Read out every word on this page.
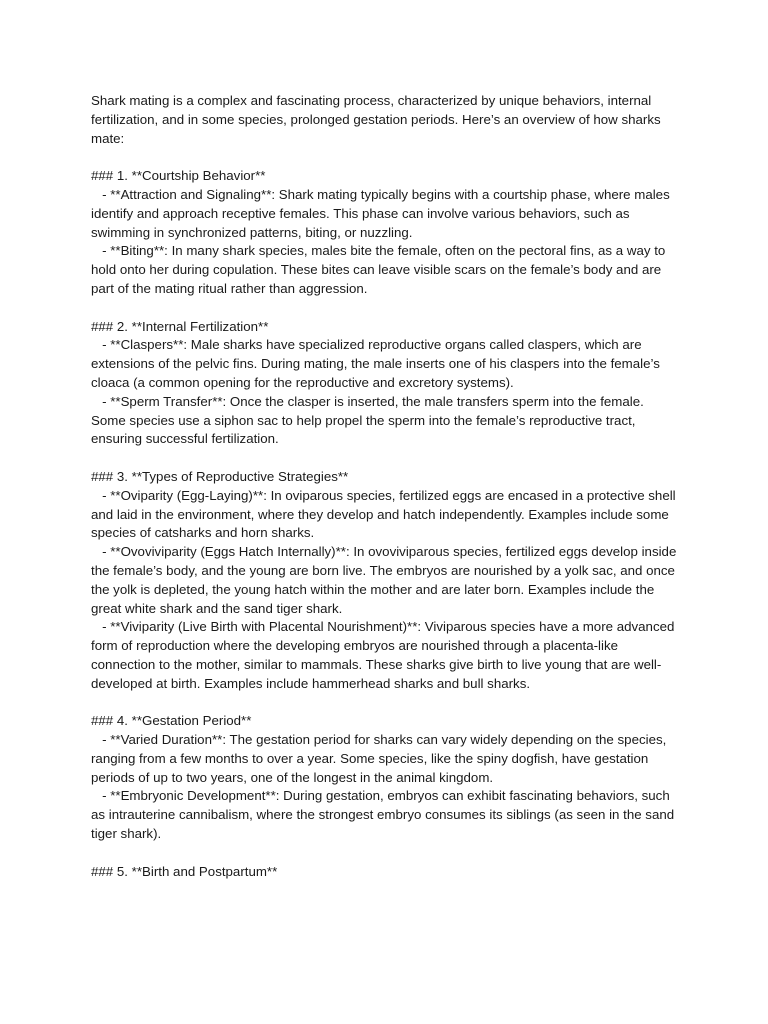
Shark mating is a complex and fascinating process, characterized by unique behaviors, internal fertilization, and in some species, prolonged gestation periods. Here’s an overview of how sharks mate:

### 1. **Courtship Behavior**

- **Attraction and Signaling**: Shark mating typically begins with a courtship phase, where males identify and approach receptive females. This phase can involve various behaviors, such as swimming in synchronized patterns, biting, or nuzzling.

- **Biting**: In many shark species, males bite the female, often on the pectoral fins, as a way to hold onto her during copulation. These bites can leave visible scars on the female’s body and are part of the mating ritual rather than aggression.

### 2. **Internal Fertilization**

- **Claspers**: Male sharks have specialized reproductive organs called claspers, which are extensions of the pelvic fins. During mating, the male inserts one of his claspers into the female’s cloaca (a common opening for the reproductive and excretory systems).

- **Sperm Transfer**: Once the clasper is inserted, the male transfers sperm into the female. Some species use a siphon sac to help propel the sperm into the female’s reproductive tract, ensuring successful fertilization.

### 3. **Types of Reproductive Strategies**

- **Oviparity (Egg-Laying)**: In oviparous species, fertilized eggs are encased in a protective shell and laid in the environment, where they develop and hatch independently. Examples include some species of catsharks and horn sharks.

- **Ovoviviparity (Eggs Hatch Internally)**: In ovoviviparous species, fertilized eggs develop inside the female’s body, and the young are born live. The embryos are nourished by a yolk sac, and once the yolk is depleted, the young hatch within the mother and are later born. Examples include the great white shark and the sand tiger shark.

- **Viviparity (Live Birth with Placental Nourishment)**: Viviparous species have a more advanced form of reproduction where the developing embryos are nourished through a placenta-like connection to the mother, similar to mammals. These sharks give birth to live young that are well-developed at birth. Examples include hammerhead sharks and bull sharks.

### 4. **Gestation Period**

- **Varied Duration**: The gestation period for sharks can vary widely depending on the species, ranging from a few months to over a year. Some species, like the spiny dogfish, have gestation periods of up to two years, one of the longest in the animal kingdom.

- **Embryonic Development**: During gestation, embryos can exhibit fascinating behaviors, such as intrauterine cannibalism, where the strongest embryo consumes its siblings (as seen in the sand tiger shark).

### 5. **Birth and Postpartum**
